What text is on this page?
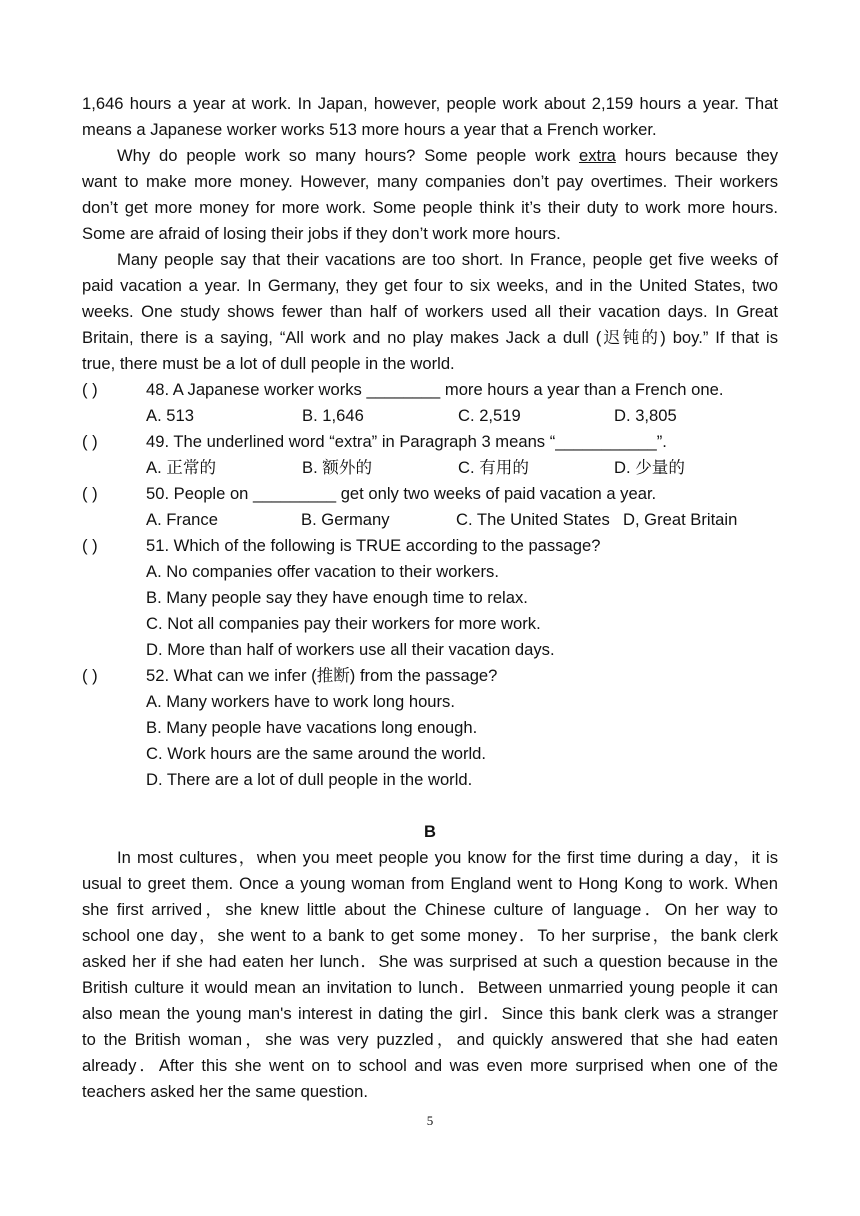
1,646 hours a year at work. In Japan, however, people work about 2,159 hours a year. That
means a Japanese worker works 513 more hours a year that a French worker.
Why do people work so many hours? Some people work extra hours because they
want to make more money. However, many companies don’t pay overtimes. Their workers
don’t get more money for more work. Some people think it’s their duty to work more hours.
Some are afraid of losing their jobs if they don’t work more hours.
Many people say that their vacations are too short. In France, people get five weeks of
paid vacation a year. In Germany, they get four to six weeks, and in the United States, two
weeks. One study shows fewer than half of workers used all their vacation days. In Great
Britain, there is a saying, “All work and no play makes Jack a dull (迟钝的) boy.” If that is
true, there must be a lot of dull people in the world.
( )	48. A Japanese worker works ________ more hours a year than a French one.
A. 513	B. 1,646	C. 2,519	D. 3,805
( )	49. The underlined word “extra” in Paragraph 3 means “___________”.
A. 正常的	B. 额外的	C. 有用的	D. 少量的
( )	50. People on _________ get only two weeks of paid vacation a year.
A. France	B. Germany	C. The United States D, Great Britain
( )	51. Which of the following is TRUE according to the passage?
A. No companies offer vacation to their workers.
B. Many people say they have enough time to relax.
C. Not all companies pay their workers for more work.
D. More than half of workers use all their vacation days.
( )	52. What can we infer (推断) from the passage?
A. Many workers have to work long hours.
B. Many people have vacations long enough.
C. Work hours are the same around the world.
D. There are a lot of dull people in the world.
B
In most cultures，when you meet people you know for the first time during a day，it is
usual to greet them. Once a young woman from England went to Hong Kong to work. When
she first arrived，she knew little about the Chinese culture of language．On her way to
school one day，she went to a bank to get some money．To her surprise，the bank clerk
asked her if she had eaten her lunch．She was surprised at such a question because in the
British culture it would mean an invitation to lunch．Between unmarried young people it can
also mean the young man's interest in dating the girl．Since this bank clerk was a stranger
to the British woman，she was very puzzled，and quickly answered that she had eaten
already．After this she went on to school and was even more surprised when one of the
teachers asked her the same question.
5
